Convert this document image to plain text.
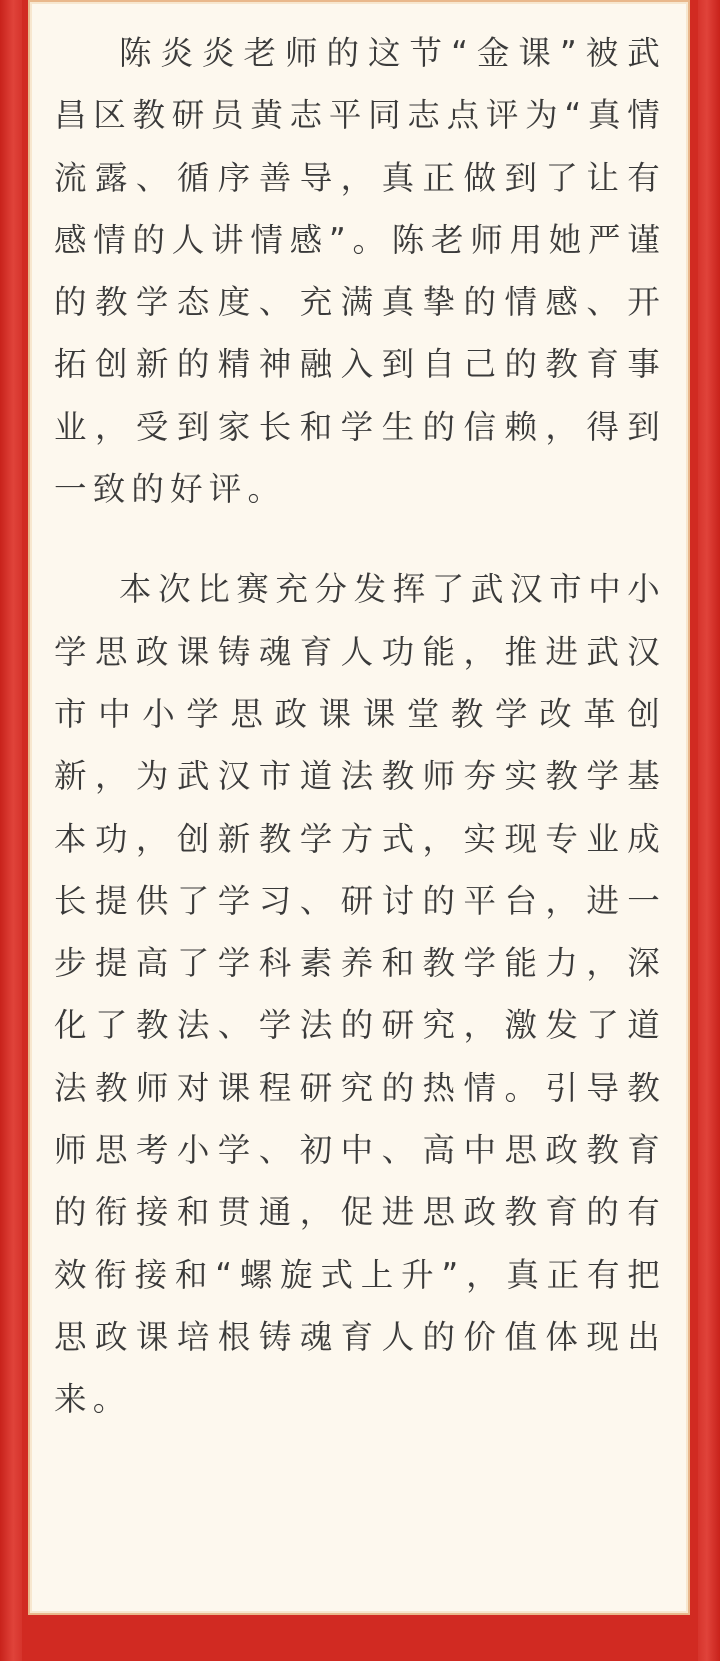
陈炎炎老师的这节“金课”被武昌区教研员黄志平同志点评为“真情流露、循序善导，真正做到了让有感情的人讲情感”。陈老师用她严谨的教学态度、充满真挚的情感、开拓创新的精神融入到自己的教育事业，受到家长和学生的信赖，得到一致的好评。

本次比赛充分发挥了武汉市中小学思政课铸魂育人功能，推进武汉市中小学思政课课堂教学改革创新，为武汉市道法教师夯实教学基本功，创新教学方式，实现专业成长提供了学习、研讨的平台，进一步提高了学科素养和教学能力，深化了教法、学法的研究，激发了道法教师对课程研究的热情。引导教师思考小学、初中、高中思政教育的衔接和贯通，促进思政教育的有效衔接和“螺旋式上升”，真正有把思政课培根铸魂育人的价值体现出来。
